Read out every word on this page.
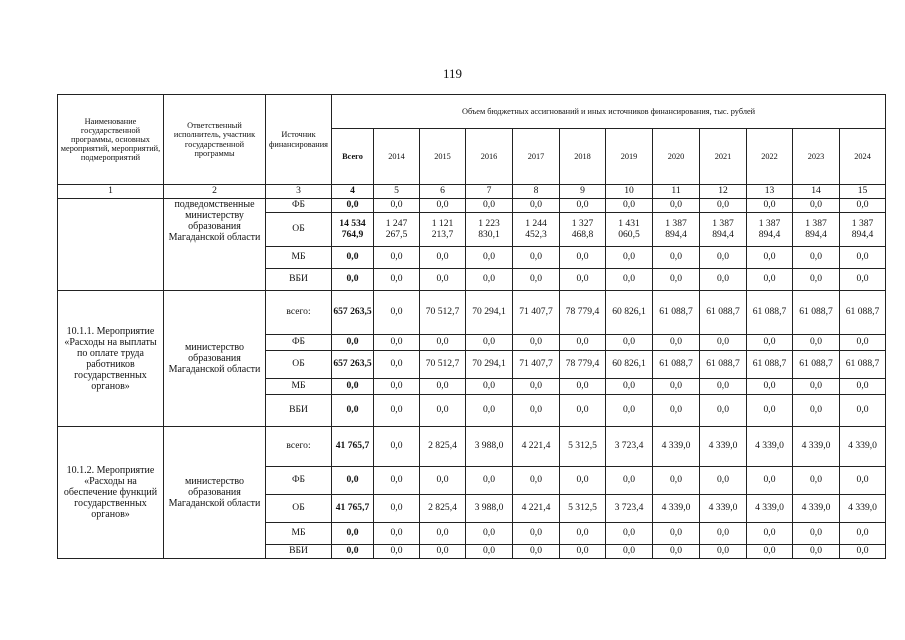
119
Наименование государственной программы, основных мероприятий, мероприятий, подмероприятий	Ответственный исполнитель, участник государственной программы	Источник финансирования	Объем бюджетных ассигнований и иных источников финансирования, тыс. рублей											
			Всего	2014	2015	2016	2017	2018	2019	2020	2021	2022	2023	2024
1	2	3	4	5	6	7	8	9	10	11	12	13	14	15
	подведомственные министерству образования Магаданской области	ФБ	0,0	0,0	0,0	0,0	0,0	0,0	0,0	0,0	0,0	0,0	0,0	0,0
		ОБ	14 534 764,9	1 247 267,5	1 121 213,7	1 223 830,1	1 244 452,3	1 327 468,8	1 431 060,5	1 387 894,4	1 387 894,4	1 387 894,4	1 387 894,4	1 387 894,4
		МБ	0,0	0,0	0,0	0,0	0,0	0,0	0,0	0,0	0,0	0,0	0,0	0,0
		ВБИ	0,0	0,0	0,0	0,0	0,0	0,0	0,0	0,0	0,0	0,0	0,0	0,0
10.1.1. Мероприятие «Расходы на выплаты по оплате труда работников государственных органов»	министерство образования Магаданской области	всего:	657 263,5	0,0	70 512,7	70 294,1	71 407,7	78 779,4	60 826,1	61 088,7	61 088,7	61 088,7	61 088,7	61 088,7
		ФБ	0,0	0,0	0,0	0,0	0,0	0,0	0,0	0,0	0,0	0,0	0,0	0,0
		ОБ	657 263,5	0,0	70 512,7	70 294,1	71 407,7	78 779,4	60 826,1	61 088,7	61 088,7	61 088,7	61 088,7	61 088,7
		МБ	0,0	0,0	0,0	0,0	0,0	0,0	0,0	0,0	0,0	0,0	0,0	0,0
		ВБИ	0,0	0,0	0,0	0,0	0,0	0,0	0,0	0,0	0,0	0,0	0,0	0,0
10.1.2. Мероприятие «Расходы на обеспечение функций государственных органов»	министерство образования Магаданской области	всего:	41 765,7	0,0	2 825,4	3 988,0	4 221,4	5 312,5	3 723,4	4 339,0	4 339,0	4 339,0	4 339,0	4 339,0
		ФБ	0,0	0,0	0,0	0,0	0,0	0,0	0,0	0,0	0,0	0,0	0,0	0,0
		ОБ	41 765,7	0,0	2 825,4	3 988,0	4 221,4	5 312,5	3 723,4	4 339,0	4 339,0	4 339,0	4 339,0	4 339,0
		МБ	0,0	0,0	0,0	0,0	0,0	0,0	0,0	0,0	0,0	0,0	0,0	0,0
		ВБИ	0,0	0,0	0,0	0,0	0,0	0,0	0,0	0,0	0,0	0,0	0,0	0,0
